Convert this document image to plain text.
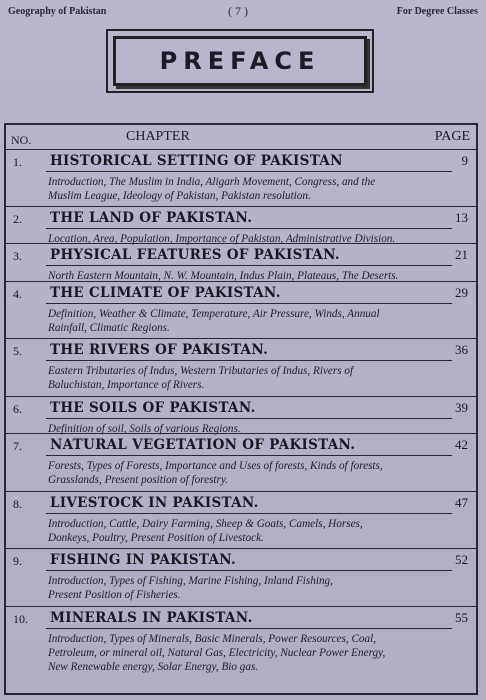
Geography of Pakistan	( 7 )	For Degree Classes
PREFACE
NO.	CHAPTER	PAGE
1. HISTORICAL SETTING OF PAKISTAN	9
Introduction, The Muslim in India, Aligarh Movement, Congress, and the
Muslim League, Ideology of Pakistan, Pakistan resolution.
2. THE LAND OF PAKISTAN.	13
Location, Area, Population, Importance of Pakistan, Administrative Division.
3. PHYSICAL FEATURES OF PAKISTAN.	21
North Eastern Mountain, N. W. Mountain, Indus Plain, Plateaus, The Deserts.
4. THE CLIMATE OF PAKISTAN.	29
Definition, Weather & Climate, Temperature, Air Pressure, Winds, Annual
Rainfall, Climatic Regions.
5. THE RIVERS OF PAKISTAN.	36
Eastern Tributaries of Indus, Western Tributaries of Indus, Rivers of
Baluchistan, Importance of Rivers.
6. THE SOILS OF PAKISTAN.	39
Definition of soil, Soils of various Regions.
7. NATURAL VEGETATION OF PAKISTAN.	42
Forests, Types of Forests, Importance and Uses of forests, Kinds of forests,
Grasslands, Present position of forestry.
8. LIVESTOCK IN PAKISTAN.	47
Introduction, Cattle, Dairy Farming, Sheep & Goats, Camels, Horses,
Donkeys, Poultry, Present Position of Livestock.
9. FISHING IN PAKISTAN.	52
Introduction, Types of Fishing, Marine Fishing, Inland Fishing,
Present Position of Fisheries.
10. MINERALS IN PAKISTAN.	55
Introduction, Types of Minerals, Basic Minerals, Power Resources, Coal,
Petroleum, or mineral oil, Natural Gas, Electricity, Nuclear Power Energy,
New Renewable energy, Solar Energy, Bio gas.
